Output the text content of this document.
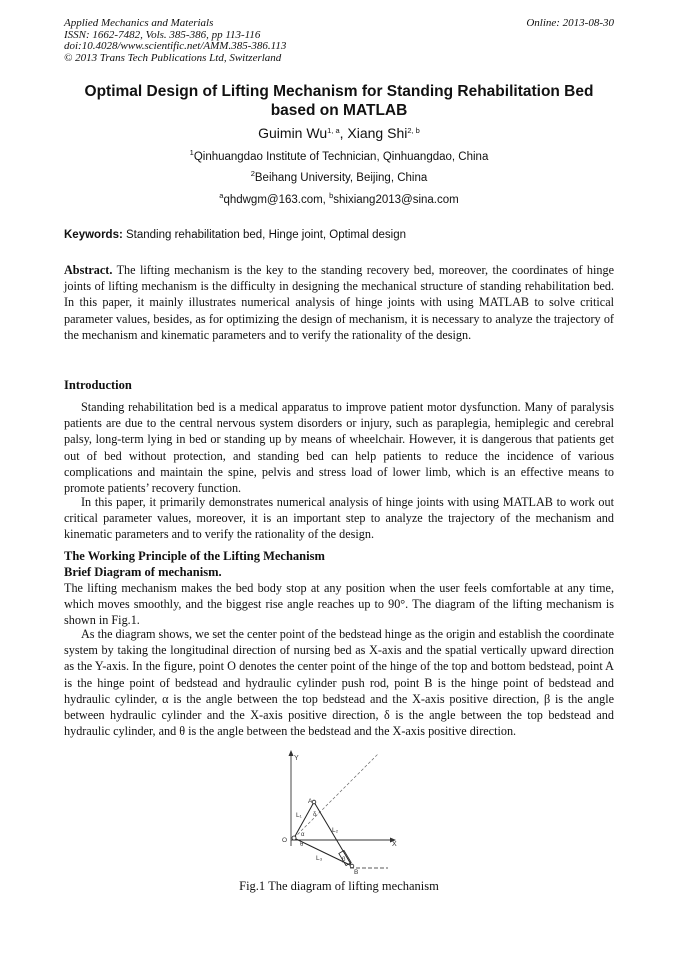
Applied Mechanics and Materials
ISSN: 1662-7482, Vols. 385-386, pp 113-116
doi:10.4028/www.scientific.net/AMM.385-386.113
© 2013 Trans Tech Publications Ltd, Switzerland
Online: 2013-08-30
Optimal Design of Lifting Mechanism for Standing Rehabilitation Bed based on MATLAB
Guimin Wu$^{1, a}$, Xiang Shi$^{2, b}$
$^1$Qinhuangdao Institute of Technician, Qinhuangdao, China
$^2$Beihang University, Beijing, China
$^a$qhdwgm@163.com, $^b$shixiang2013@sina.com
Keywords: Standing rehabilitation bed, Hinge joint, Optimal design
Abstract. The lifting mechanism is the key to the standing recovery bed, moreover, the coordinates of hinge joints of lifting mechanism is the difficulty in designing the mechanical structure of standing rehabilitation bed. In this paper, it mainly illustrates numerical analysis of hinge joints with using MATLAB to solve critical parameter values, besides, as for optimizing the design of mechanism, it is necessary to analyze the trajectory of the mechanism and kinematic parameters and to verify the rationality of the design.
Introduction
Standing rehabilitation bed is a medical apparatus to improve patient motor dysfunction. Many of paralysis patients are due to the central nervous system disorders or injury, such as paraplegia, hemiplegic and cerebral palsy, long-term lying in bed or standing up by means of wheelchair. However, it is dangerous that patients get out of bed without protection, and standing bed can help patients to reduce the incidence of various complications and maintain the spine, pelvis and stress load of lower limb, which is an effective means to promote patients’ recovery function.
In this paper, it primarily demonstrates numerical analysis of hinge joints with using MATLAB to work out critical parameter values, moreover, it is an important step to analyze the trajectory of the mechanism and kinematic parameters and to verify the rationality of the design.
The Working Principle of the Lifting Mechanism
Brief Diagram of mechanism.
The lifting mechanism makes the bed body stop at any position when the user feels comfortable at any time, which moves smoothly, and the biggest rise angle reaches up to 90°. The diagram of the lifting mechanism is shown in Fig.1.
As the diagram shows, we set the center point of the bedstead hinge as the origin and establish the coordinate system by taking the longitudinal direction of nursing bed as X-axis and the spatial vertically upward direction as the Y-axis. In the figure, point O denotes the center point of the hinge of the top and bottom bedstead, point A is the hinge point of bedstead and hydraulic cylinder push rod, point B is the hinge point of bedstead and hydraulic cylinder, α is the angle between the top bedstead and the X-axis positive direction, β is the angle between hydraulic cylinder and the X-axis positive direction, δ is the angle between the top bedstead and hydraulic cylinder, and θ is the angle between the bedstead and the X-axis positive direction.
Y
X
O
A
B
L₁
L₂
L₃
δ
α
β
θ
Fig.1 The diagram of lifting mechanism
